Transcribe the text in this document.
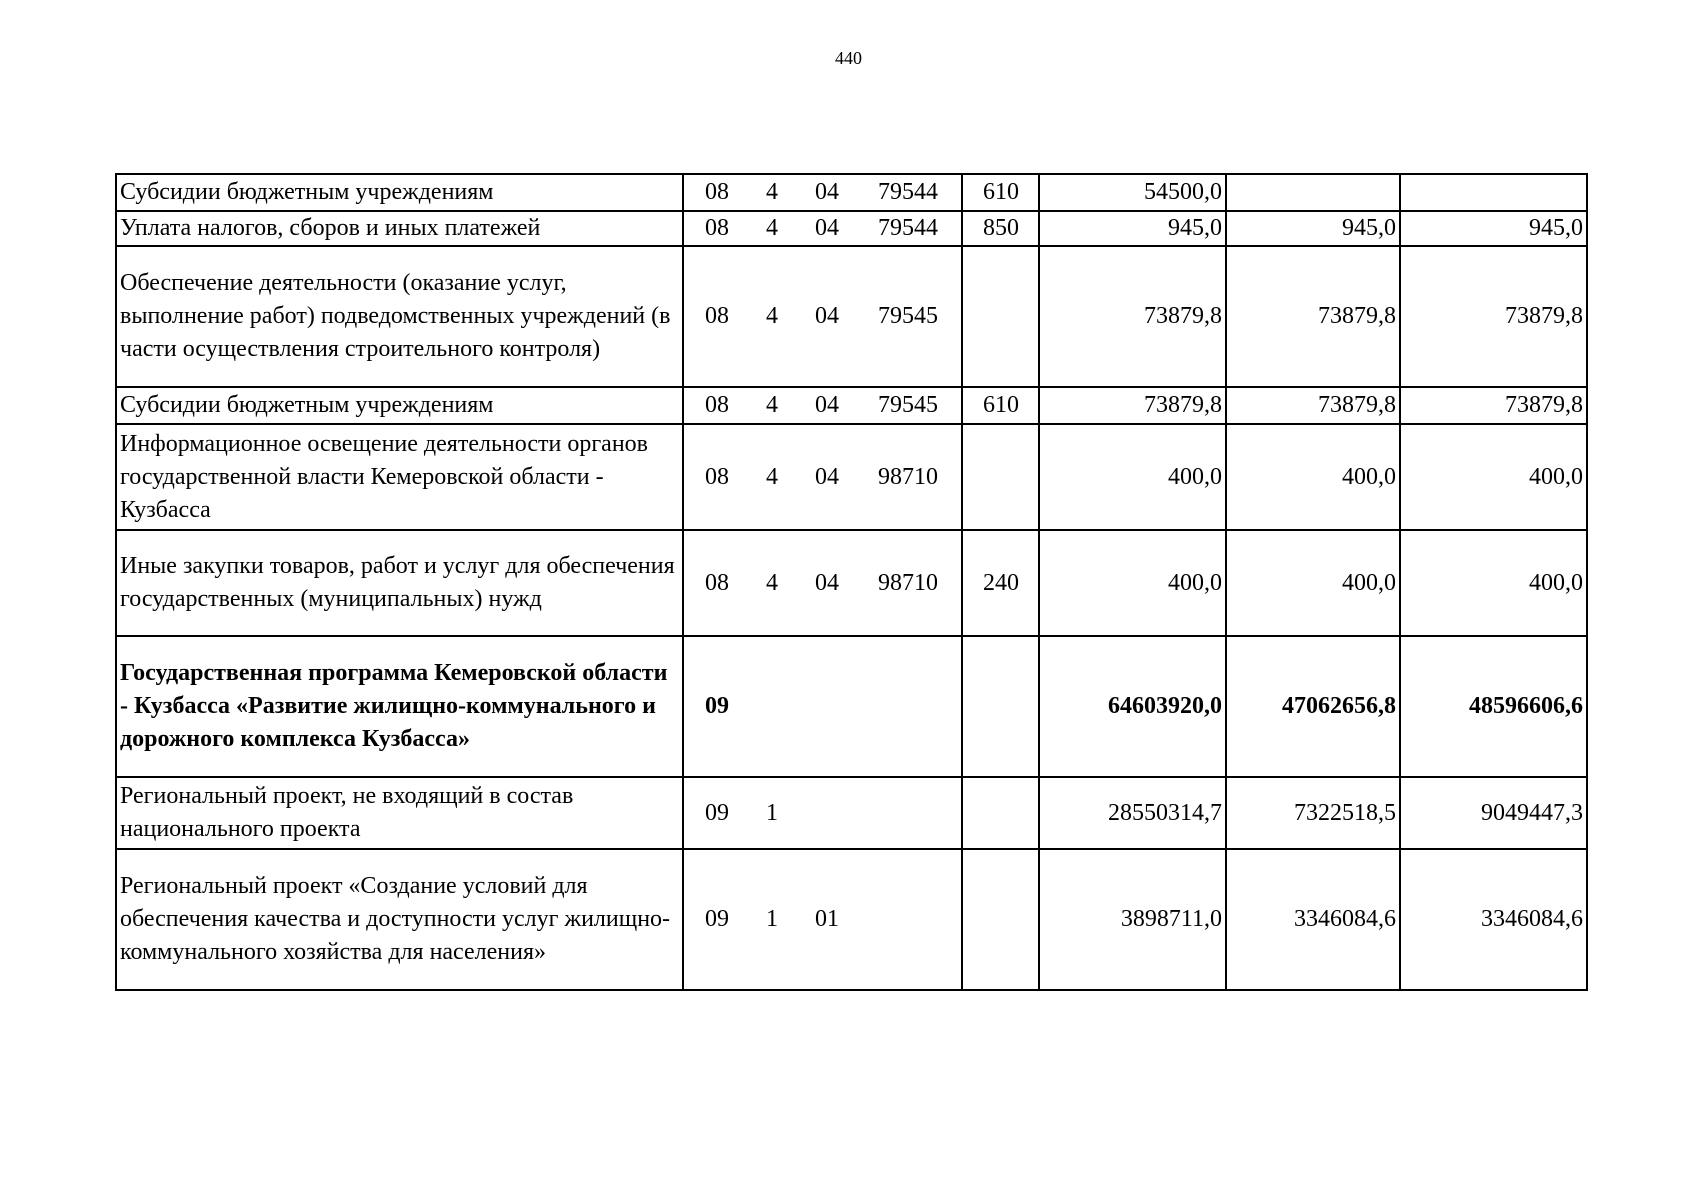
440
Субсидии бюджетным учреждениям	08 4 04 79544	610	54500,0		
Уплата налогов, сборов и иных платежей	08 4 04 79544	850	945,0	945,0	945,0
Обеспечение деятельности (оказание услуг, выполнение работ) подведомственных учреждений (в части осуществления строительного контроля)	08 4 04 79545		73879,8	73879,8	73879,8
Субсидии бюджетным учреждениям	08 4 04 79545	610	73879,8	73879,8	73879,8
Информационное освещение деятельности органов государственной власти Кемеровской области - Кузбасса	08 4 04 98710		400,0	400,0	400,0
Иные закупки товаров, работ и услуг для обеспечения государственных (муниципальных) нужд	08 4 04 98710	240	400,0	400,0	400,0
Государственная программа Кемеровской области - Кузбасса «Развитие жилищно-коммунального и дорожного комплекса Кузбасса»	09		64603920,0	47062656,8	48596606,6
Региональный проект, не входящий в состав национального проекта	09 1		28550314,7	7322518,5	9049447,3
Региональный проект «Создание условий для обеспечения качества и доступности услуг жилищно-коммунального хозяйства для населения»	09 1 01		3898711,0	3346084,6	3346084,6
